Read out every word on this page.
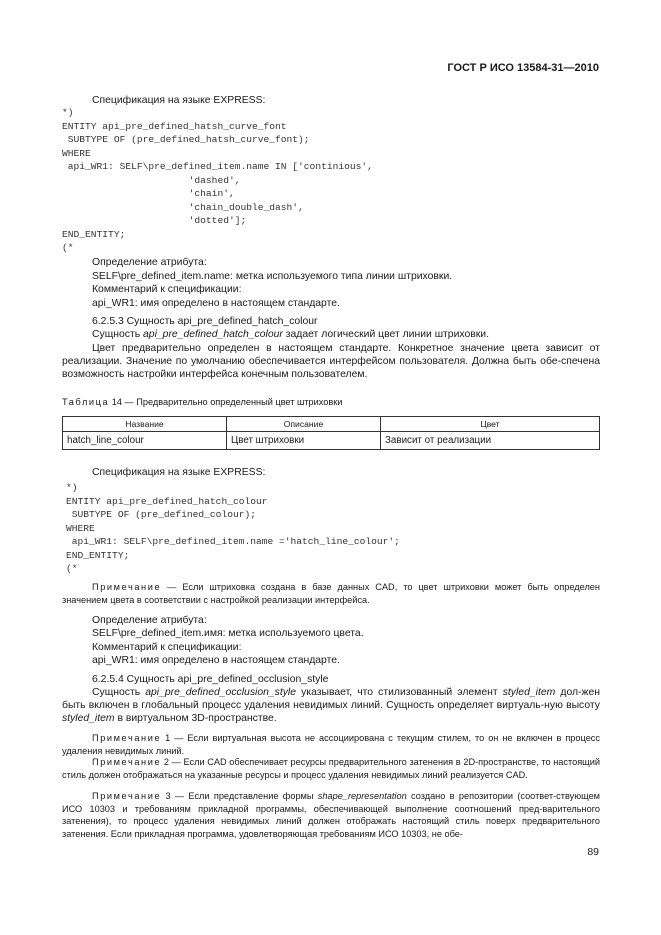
ГОСТ Р ИСО 13584-31—2010
Спецификация на языке EXPRESS:
*)
ENTITY api_pre_defined_hatsh_curve_font
SUBTYPE OF (pre_defined_hatsh_curve_font);
WHERE
api_WR1: SELF\pre_defined_item.name IN ['continious',
'dashed',
'chain',
'chain_double_dash',
'dotted'];
END_ENTITY;
(*
Определение атрибута:
SELF\pre_defined_item.name: метка используемого типа линии штриховки.
Комментарий к спецификации:
api_WR1: имя определено в настоящем стандарте.
6.2.5.3 Сущность api_pre_defined_hatch_colour
Сущность api_pre_defined_hatch_colour задает логический цвет линии штриховки.
Цвет предварительно определен в настоящем стандарте. Конкретное значение цвета зависит от реализации. Значение по умолчанию обеспечивается интерфейсом пользователя. Должна быть обе-спечена возможность настройки интерфейса конечным пользователем.
Таблица 14 — Предварительно определенный цвет штриховки
Название	Описание	Цвет
hatch_line_colour	Цвет штриховки	Зависит от реализации
Спецификация на языке EXPRESS:
*)
ENTITY api_pre_defined_hatch_colour
SUBTYPE OF (pre_defined_colour);
WHERE
api_WR1: SELF\pre_defined_item.name ='hatch_line_colour';
END_ENTITY;
(*
Примечание — Если штриховка создана в базе данных CAD, то цвет штриховки может быть определен значением цвета в соответствии с настройкой реализации интерфейса.
Определение атрибута:
SELF\pre_defined_item.имя: метка используемого цвета.
Комментарий к спецификации:
api_WR1: имя определено в настоящем стандарте.
6.2.5.4 Сущность api_pre_defined_occlusion_style
Сущность api_pre_defined_occlusion_style указывает, что стилизованный элемент styled_item дол-жен быть включен в глобальный процесс удаления невидимых линий. Сущность определяет виртуаль-ную высоту styled_item в виртуальном 3D-пространстве.
Примечание 1 — Если виртуальная высота не ассоциирована с текущим стилем, то он не включен в процесс удаления невидимых линий.
Примечание 2 — Если CAD обеспечивает ресурсы предварительного затенения в 2D-пространстве, то настоящий стиль должен отображаться на указанные ресурсы и процесс удаления невидимых линий реализуется CAD.
Примечание 3 — Если представление формы shape_representation создано в репозитории (соответ-ствующем ИСО 10303 и требованиям прикладной программы, обеспечивающей выполнение соотношений пред-варительного затенения), то процесс удаления невидимых линий должен отображать настоящий стиль поверх предварительного затенения. Если прикладная программа, удовлетворяющая требованиям ИСО 10303, не обе-
89
